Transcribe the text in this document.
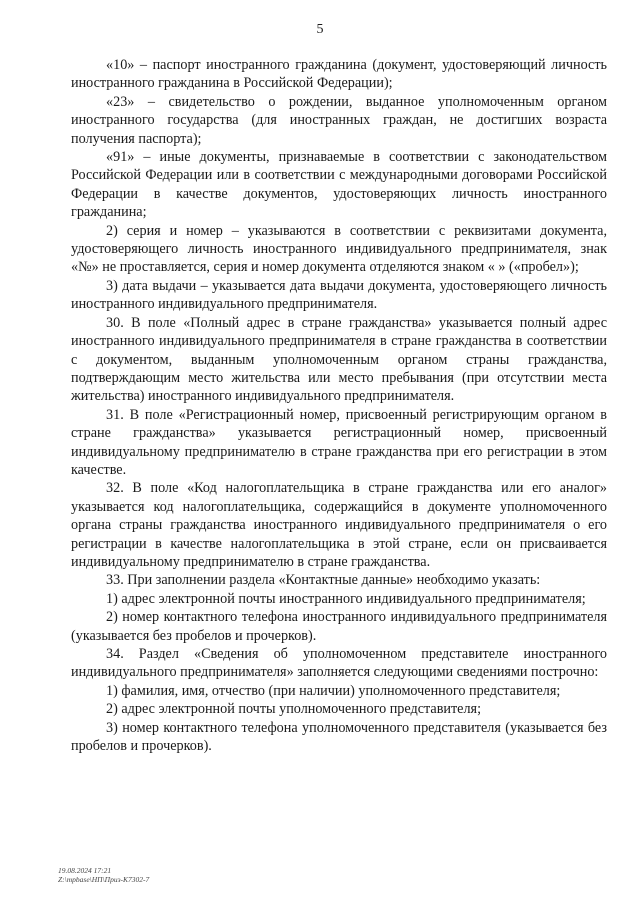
5

«10» – паспорт иностранного гражданина (документ, удостоверяющий личность иностранного гражданина в Российской Федерации);

«23» – свидетельство о рождении, выданное уполномоченным органом иностранного государства (для иностранных граждан, не достигших возраста получения паспорта);

«91» – иные документы, признаваемые в соответствии с законодательством Российской Федерации или в соответствии с международными договорами Российской Федерации в качестве документов, удостоверяющих личность иностранного гражданина;

2) серия и номер – указываются в соответствии с реквизитами документа, удостоверяющего личность иностранного индивидуального предпринимателя, знак «№» не проставляется, серия и номер документа отделяются знаком « » («пробел»);

3) дата выдачи – указывается дата выдачи документа, удостоверяющего личность иностранного индивидуального предпринимателя.

30. В поле «Полный адрес в стране гражданства» указывается полный адрес иностранного индивидуального предпринимателя в стране гражданства в соответствии с документом, выданным уполномоченным органом страны гражданства, подтверждающим место жительства или место пребывания (при отсутствии места жительства) иностранного индивидуального предпринимателя.

31. В поле «Регистрационный номер, присвоенный регистрирующим органом в стране гражданства» указывается регистрационный номер, присвоенный индивидуальному предпринимателю в стране гражданства при его регистрации в этом качестве.

32. В поле «Код налогоплательщика в стране гражданства или его аналог» указывается код налогоплательщика, содержащийся в документе уполномоченного органа страны гражданства иностранного индивидуального предпринимателя о его регистрации в качестве налогоплательщика в этой стране, если он присваивается индивидуальному предпринимателю в стране гражданства.

33. При заполнении раздела «Контактные данные» необходимо указать:

1) адрес электронной почты иностранного индивидуального предпринимателя;

2) номер контактного телефона иностранного индивидуального предпринимателя (указывается без пробелов и прочерков).

34. Раздел «Сведения об уполномоченном представителе иностранного индивидуального предпринимателя» заполняется следующими сведениями построчно:

1) фамилия, имя, отчество (при наличии) уполномоченного представителя;

2) адрес электронной почты уполномоченного представителя;

3) номер контактного телефона уполномоченного представителя (указывается без пробелов и прочерков).

19.08.2024 17:21
Z:\mpbase\НП\Приз-К7302-7
